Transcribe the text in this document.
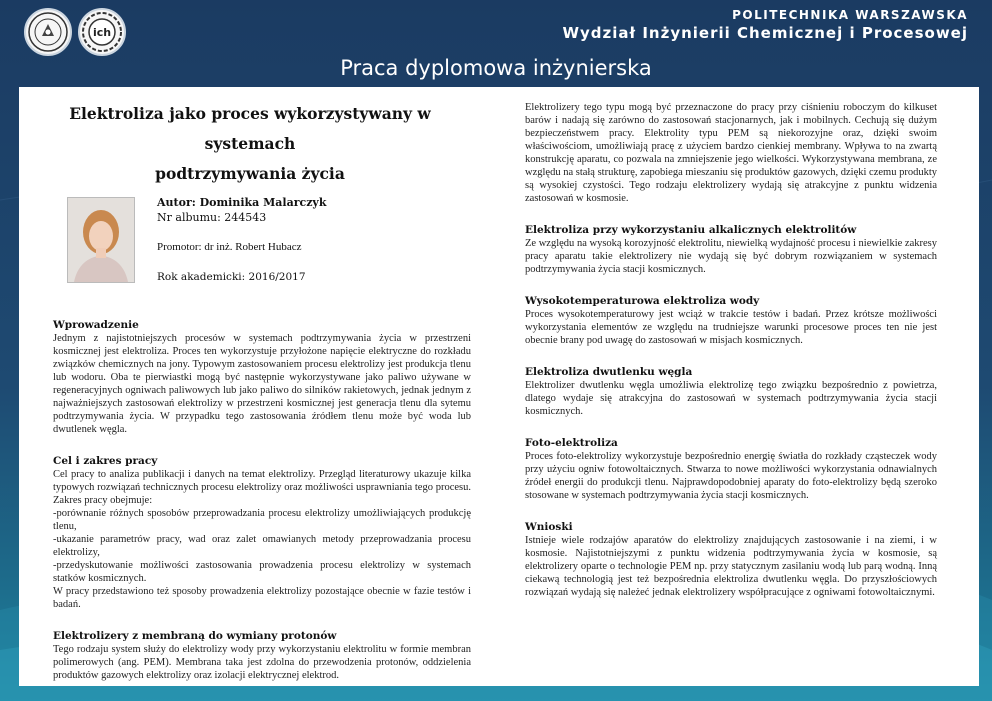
ich
POLITECHNIKA WARSZAWSKA
Wydział Inżynierii Chemicznej i Procesowej
Praca dyplomowa inżynierska
Elektroliza jako proces wykorzystywany w systemach
podtrzymywania życia
Autor: Dominika Malarczyk
Nr albumu: 244543
Promotor: dr inż. Robert Hubacz
Rok akademicki: 2016/2017
Wprowadzenie

Jednym z najistotniejszych procesów w systemach podtrzymywania życia w przestrzeni kosmicznej jest elektroliza. Proces ten wykorzystuje przyłożone napięcie elektryczne do rozkładu związków chemicznych na jony. Typowym zastosowaniem procesu elektrolizy jest produkcja tlenu lub wodoru. Oba te pierwiastki mogą być następnie wykorzystywane jako paliwo używane w regeneracyjnych ogniwach paliwowych lub jako paliwo do silników rakietowych, jednak jednym z najważniejszych zastosowań elektrolizy w przestrzeni kosmicznej jest generacja tlenu dla sytemu podtrzymywania życia. W przypadku tego zastosowania źródłem tlenu może być woda lub dwutlenek węgla.

Cel i zakres pracy

Cel pracy to analiza publikacji i danych na temat elektrolizy. Przegląd literaturowy ukazuje kilka typowych rozwiązań technicznych procesu elektrolizy oraz możliwości usprawniania tego procesu. Zakres pracy obejmuje:
-porównanie różnych sposobów przeprowadzania procesu elektrolizy umożliwiających produkcję tlenu,
-ukazanie parametrów pracy, wad oraz zalet omawianych metody przeprowadzania procesu elektrolizy,
-przedyskutowanie możliwości zastosowania prowadzenia procesu elektrolizy w systemach statków kosmicznych.
W pracy przedstawiono też sposoby prowadzenia elektrolizy pozostające obecnie w fazie testów i badań.

Elektrolizery z membraną do wymiany protonów

Tego rodzaju system służy do elektrolizy wody przy wykorzystaniu elektrolitu w formie membran polimerowych (ang. PEM). Membrana taka jest zdolna do przewodzenia protonów, oddzielenia produktów gazowych elektrolizy oraz izolacji elektrycznej elektrod.

Elektrolizery tego typu mogą być przeznaczone do pracy przy ciśnieniu roboczym do kilkuset barów i nadają się zarówno do zastosowań stacjonarnych, jak i mobilnych. Cechują się dużym bezpieczeństwem pracy. Elektrolity typu PEM są niekorozyjne oraz, dzięki swoim właściwościom, umożliwiają pracę z użyciem bardzo cienkiej membrany. Wpływa to na zwartą konstrukcję aparatu, co pozwala na zmniejszenie jego wielkości. Wykorzystywana membrana, ze względu na stałą strukturę, zapobiega mieszaniu się produktów gazowych, dzięki czemu produkty są wysokiej czystości. Tego rodzaju elektrolizery wydają się atrakcyjne z punktu widzenia zastosowań w kosmosie.

Elektroliza przy wykorzystaniu alkalicznych elektrolitów

Ze względu na wysoką korozyjność elektrolitu, niewielką wydajność procesu i niewielkie zakresy pracy aparatu takie elektrolizery nie wydają się być dobrym rozwiązaniem w systemach podtrzymywania życia stacji kosmicznych.

Wysokotemperaturowa elektroliza wody

Proces wysokotemperaturowy jest wciąż w trakcie testów i badań. Przez krótsze możliwości wykorzystania elementów ze względu na trudniejsze warunki procesowe proces ten nie jest obecnie brany pod uwagę do zastosowań w misjach kosmicznych.

Elektroliza dwutlenku węgla

Elektrolizer dwutlenku węgla umożliwia elektrolizę tego związku bezpośrednio z powietrza, dlatego wydaje się atrakcyjna do zastosowań w systemach podtrzymywania życia stacji kosmicznych.

Foto-elektroliza

Proces foto-elektrolizy wykorzystuje bezpośrednio energię światła do rozkłady cząsteczek wody przy użyciu ogniw fotowoltaicznych. Stwarza to nowe możliwości wykorzystania odnawialnych źródeł energii do produkcji tlenu. Najprawdopodobniej aparaty do foto-elektrolizy będą szeroko stosowane w systemach podtrzymywania życia stacji kosmicznych.

Wnioski

Istnieje wiele rodzajów aparatów do elektrolizy znajdujących zastosowanie i na ziemi, i w kosmosie. Najistotniejszymi z punktu widzenia podtrzymywania życia w kosmosie, są elektrolizery oparte o technologie PEM np. przy statycznym zasilaniu wodą lub parą wodną. Inną ciekawą technologią jest też bezpośrednia elektroliza dwutlenku węgla. Do przyszłościowych rozwiązań wydają się należeć jednak elektrolizery współpracujące z ogniwami fotowoltaicznymi.
